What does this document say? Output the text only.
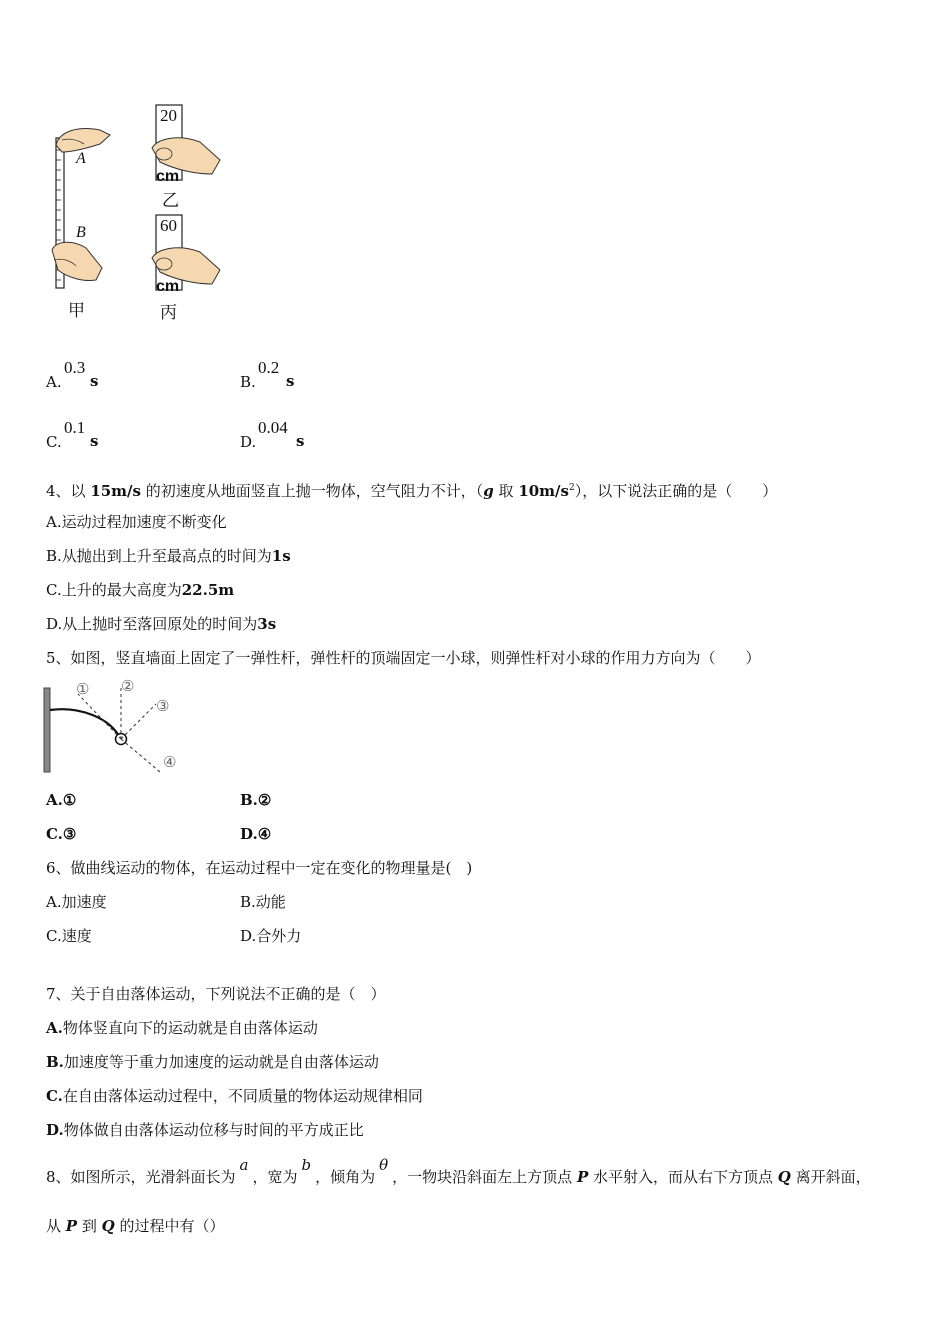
A
B
甲
20
cm
乙
60
cm
丙
A.
0.3
s	B.
0.2
s
C.
0.1
s	D.
0.04
s
4、以 15m/s 的初速度从地面竖直上抛一物体，空气阻力不计，（g 取 $10m/s^2$），以下说法正确的是（　　）
A.运动过程加速度不断变化
B.从抛出到上升至最高点的时间为1s
C.上升的最大高度为22.5m
D.从上抛时至落回原处的时间为3s
5、如图，竖直墙面上固定了一弹性杆，弹性杆的顶端固定一小球，则弹性杆对小球的作用力方向为（　　）
① ②
③
④
A.①	B.②
C.③	D.④
6、做曲线运动的物体，在运动过程中一定在变化的物理量是(　)
A.加速度	B.动能
C.速度	D.合外力
7、关于自由落体运动，下列说法不正确的是（　）
A.物体竖直向下的运动就是自由落体运动
B.加速度等于重力加速度的运动就是自由落体运动
C.在自由落体运动过程中，不同质量的物体运动规律相同
D.物体做自由落体运动位移与时间的平方成正比
8、如图所示，光滑斜面长为a，宽为b，倾角为θ，一物块沿斜面左上方顶点 P 水平射入，而从右下方顶点 Q 离开斜面，
从 P 到 Q 的过程中有（）
